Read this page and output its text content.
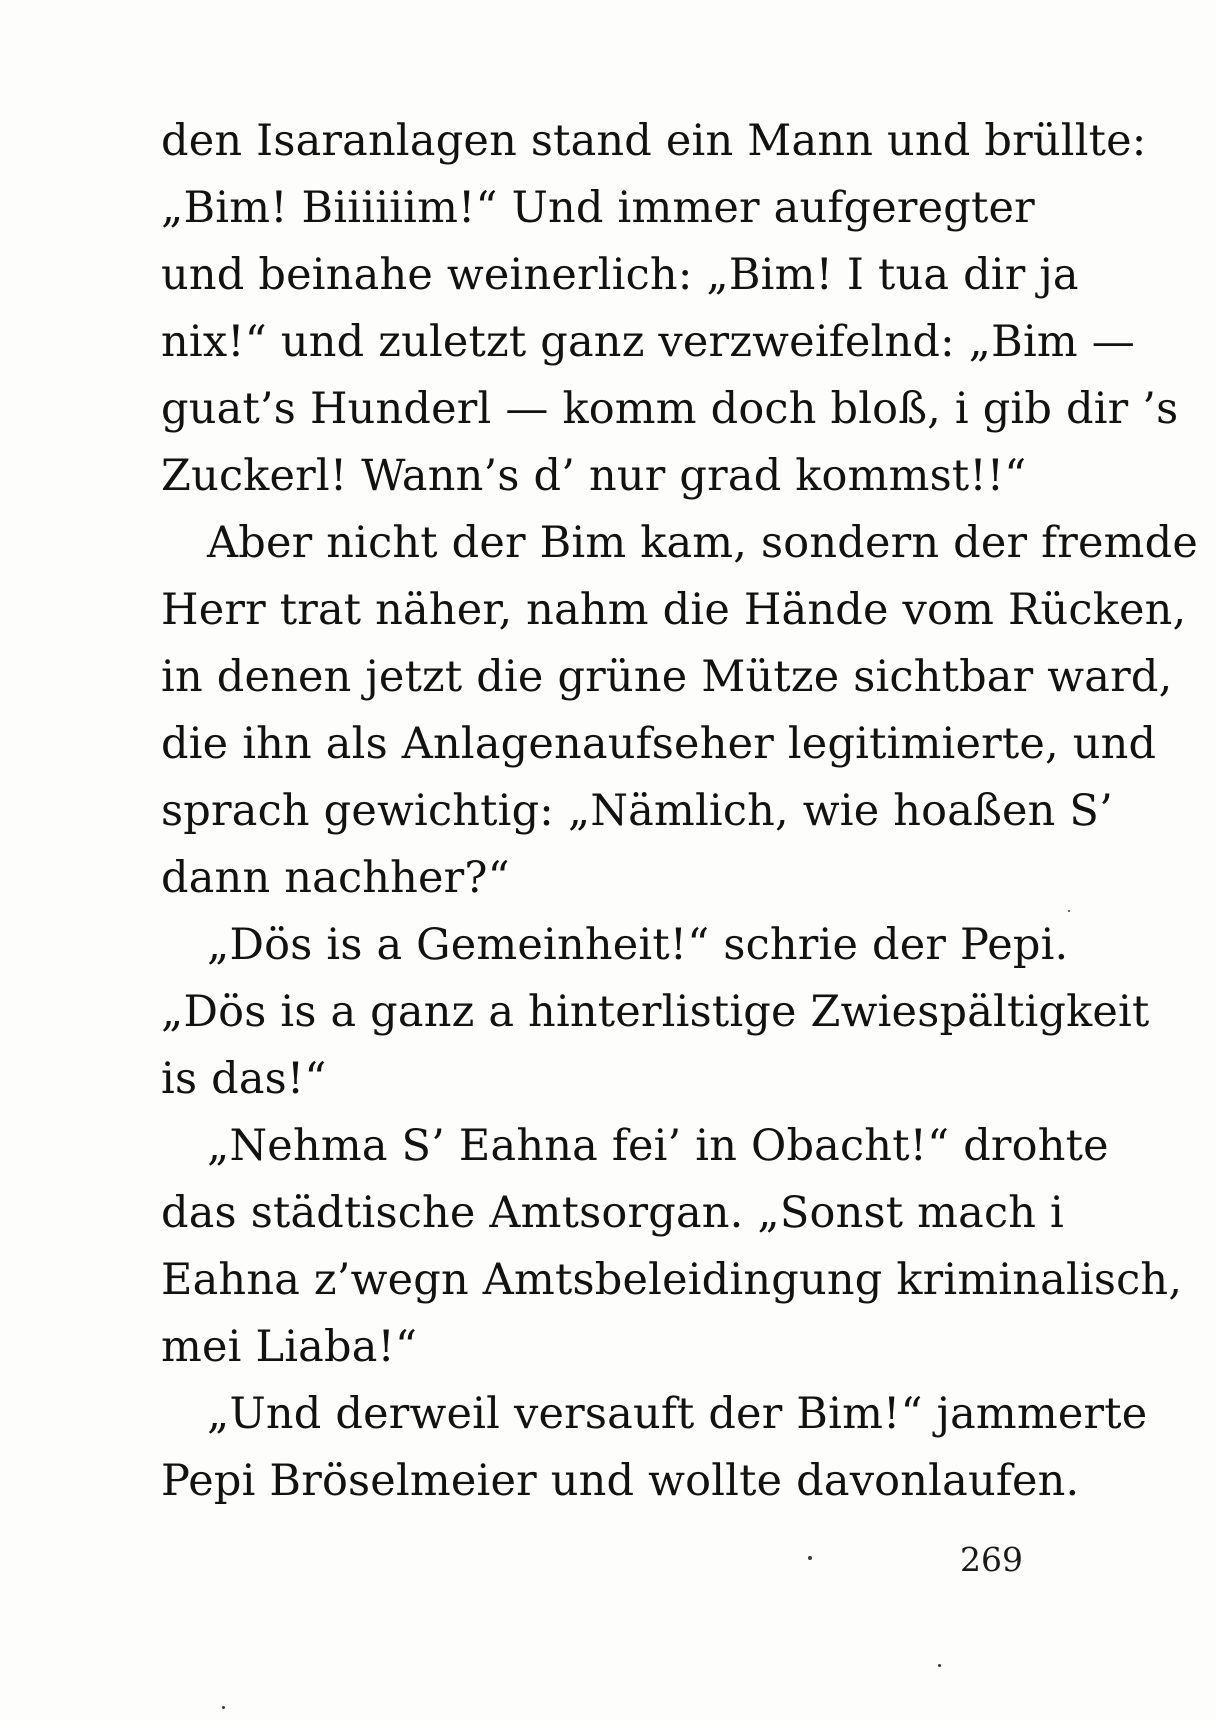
den Isaranlagen stand ein Mann und brüllte:
„Bim! Biiiiiim!“ Und immer aufgeregter
und beinahe weinerlich: „Bim! I tua dir ja
nix!“ und zuletzt ganz verzweifelnd: „Bim —
guat’s Hunderl — komm doch bloß, i gib dir ’s
Zuckerl! Wann’s d’ nur grad kommst!!“
Aber nicht der Bim kam, sondern der fremde
Herr trat näher, nahm die Hände vom Rücken,
in denen jetzt die grüne Mütze sichtbar ward,
die ihn als Anlagenaufseher legitimierte, und
sprach gewichtig: „Nämlich, wie hoaßen S’
dann nachher?“
„Dös is a Gemeinheit!“ schrie der Pepi.
„Dös is a ganz a hinterlistige Zwiespältigkeit
is das!“
„Nehma S’ Eahna fei’ in Obacht!“ drohte
das städtische Amtsorgan. „Sonst mach i
Eahna z’wegn Amtsbeleidingung kriminalisch,
mei Liaba!“
„Und derweil versauft der Bim!“ jammerte
Pepi Bröselmeier und wollte davonlaufen.
269
